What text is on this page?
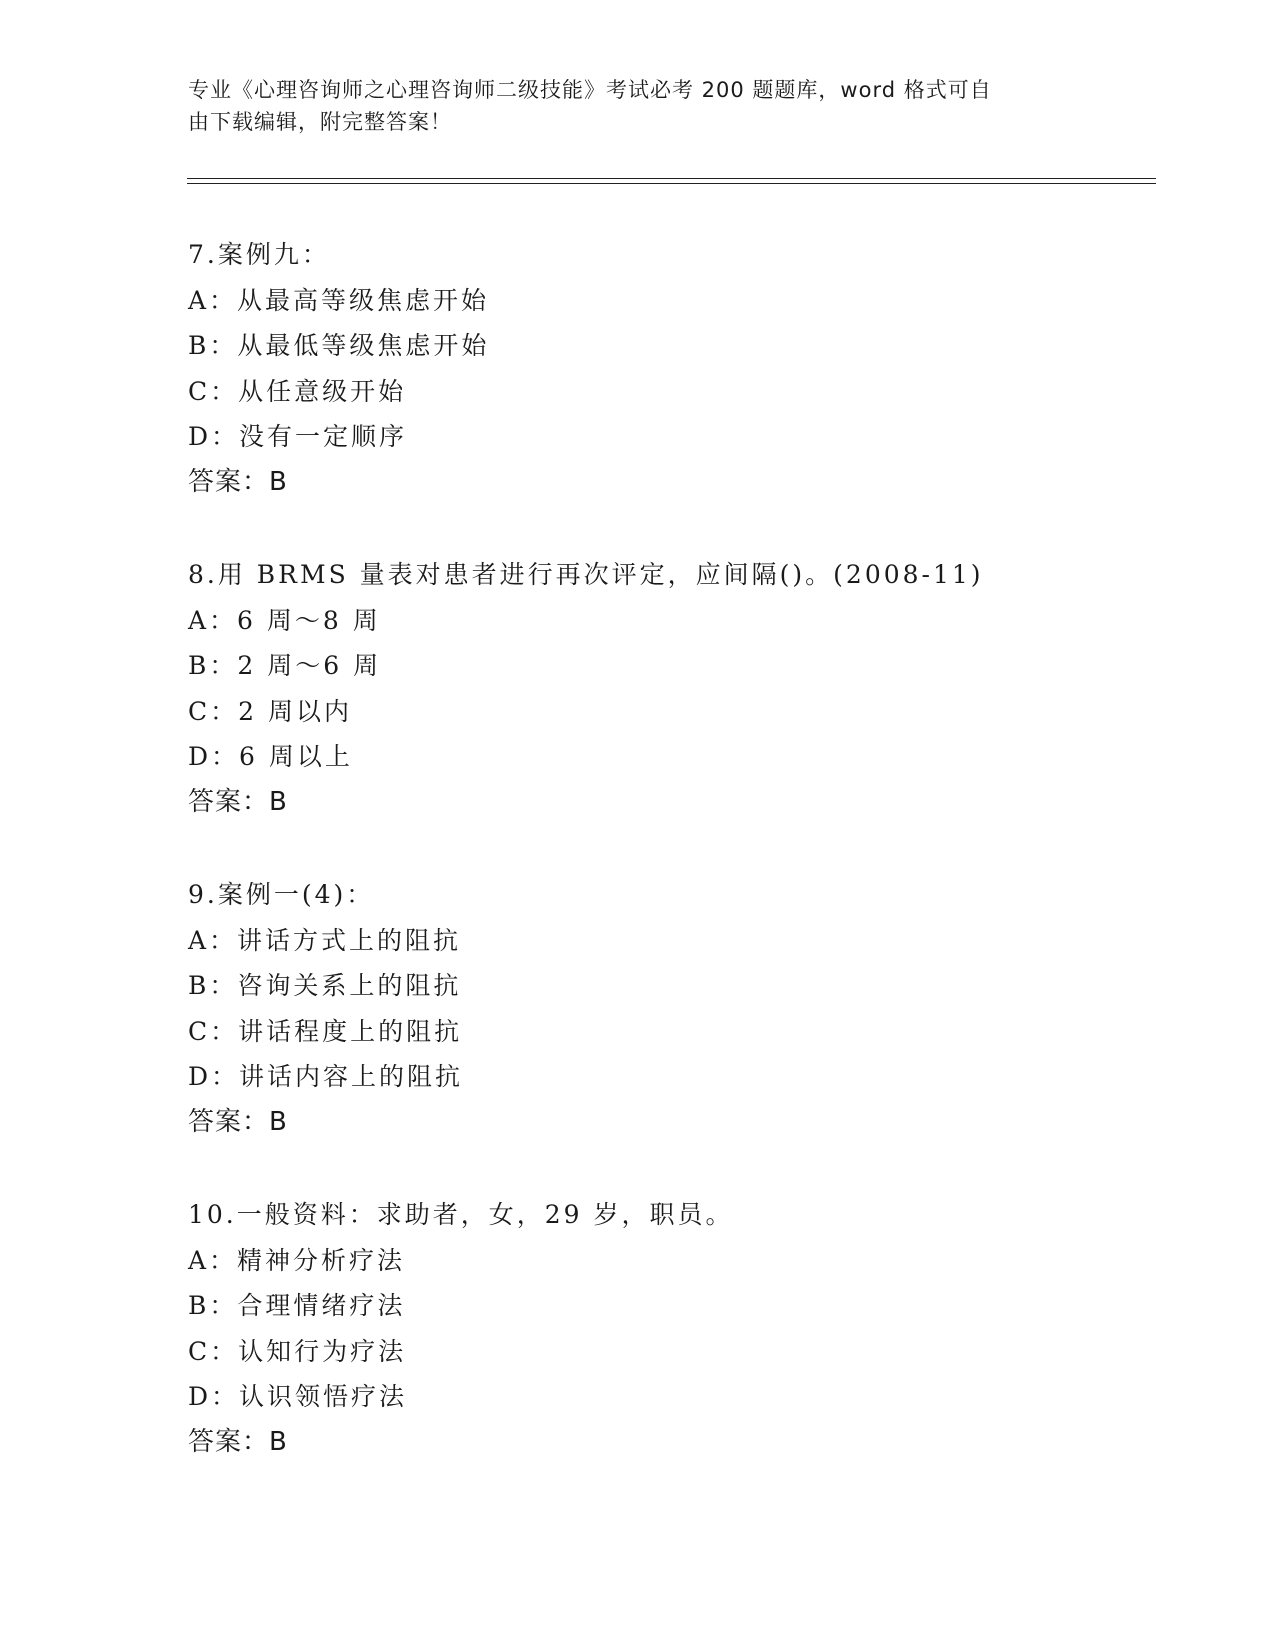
专业《心理咨询师之心理咨询师二级技能》考试必考 200 题题库，word 格式可自
由下载编辑，附完整答案！
7.案例九：
A：从最高等级焦虑开始
B：从最低等级焦虑开始
C：从任意级开始
D：没有一定顺序
答案：B
8.用 BRMS 量表对患者进行再次评定，应间隔()。(2008-11)
A：6 周～8 周
B：2 周～6 周
C：2 周以内
D：6 周以上
答案：B
9.案例一(4)：
A：讲话方式上的阻抗
B：咨询关系上的阻抗
C：讲话程度上的阻抗
D：讲话内容上的阻抗
答案：B
10.一般资料：求助者，女，29 岁，职员。
A：精神分析疗法
B：合理情绪疗法
C：认知行为疗法
D：认识领悟疗法
答案：B
